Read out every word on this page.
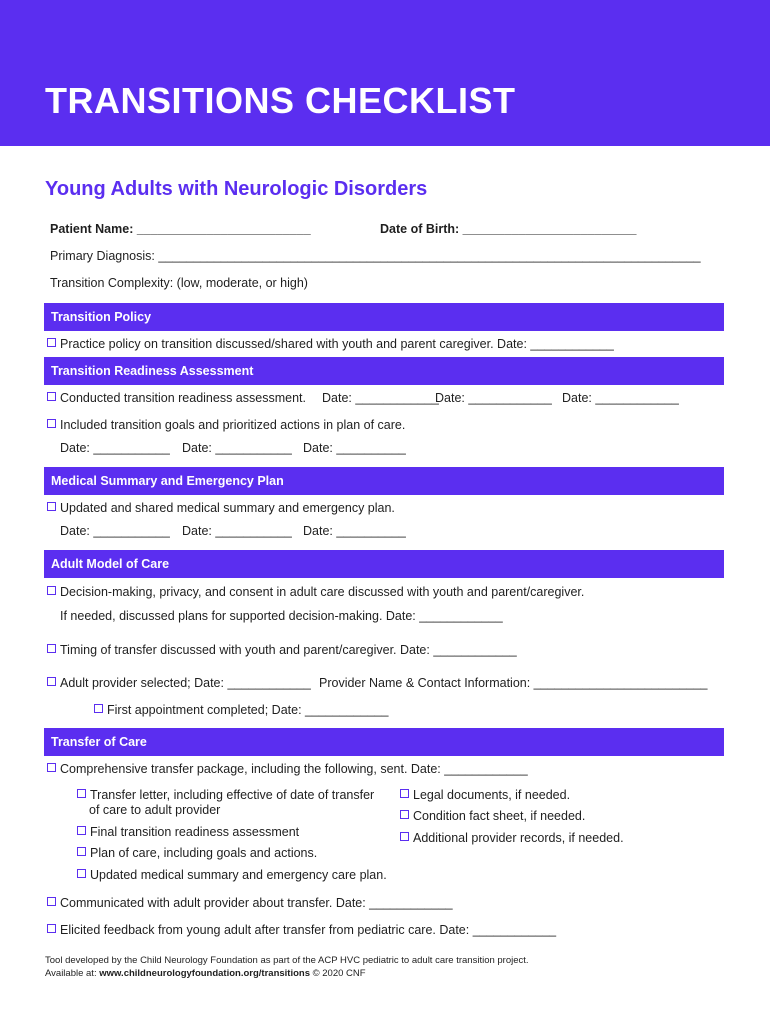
TRANSITIONS CHECKLIST
Young Adults with Neurologic Disorders
Patient Name: _________________________	Date of Birth: _________________________
Primary Diagnosis: ______________________________________________________________________________
Transition Complexity: (low, moderate, or high)
Transition Policy
Practice policy on transition discussed/shared with youth and parent caregiver. Date: ____________
Transition Readiness Assessment
Conducted transition readiness assessment. Date: ____________
Date: ____________ Date: ____________
Included transition goals and prioritized actions in plan of care.
Date: ___________ Date: ___________ Date: __________
Medical Summary and Emergency Plan
Updated and shared medical summary and emergency plan.
Date: ___________ Date: ___________ Date: __________
Adult Model of Care
Decision-making, privacy, and consent in adult care discussed with youth and parent/caregiver.
If needed, discussed plans for supported decision-making. Date: ____________
Timing of transfer discussed with youth and parent/caregiver. Date: ____________
Adult provider selected; Date: ____________ Provider Name & Contact Information: _________________________
First appointment completed; Date: ____________
Transfer of Care
Comprehensive transfer package, including the following, sent. Date: ____________
Transfer letter, including effective of date of transfer
of care to adult provider
Final transition readiness assessment
Plan of care, including goals and actions.
Updated medical summary and emergency care plan.
Legal documents, if needed.
Condition fact sheet, if needed.
Additional provider records, if needed.
Communicated with adult provider about transfer. Date: ____________
Elicited feedback from young adult after transfer from pediatric care. Date: ____________
Tool developed by the Child Neurology Foundation as part of the ACP HVC pediatric to adult care transition project.
Available at: www.childneurologyfoundation.org/transitions © 2020 CNF
